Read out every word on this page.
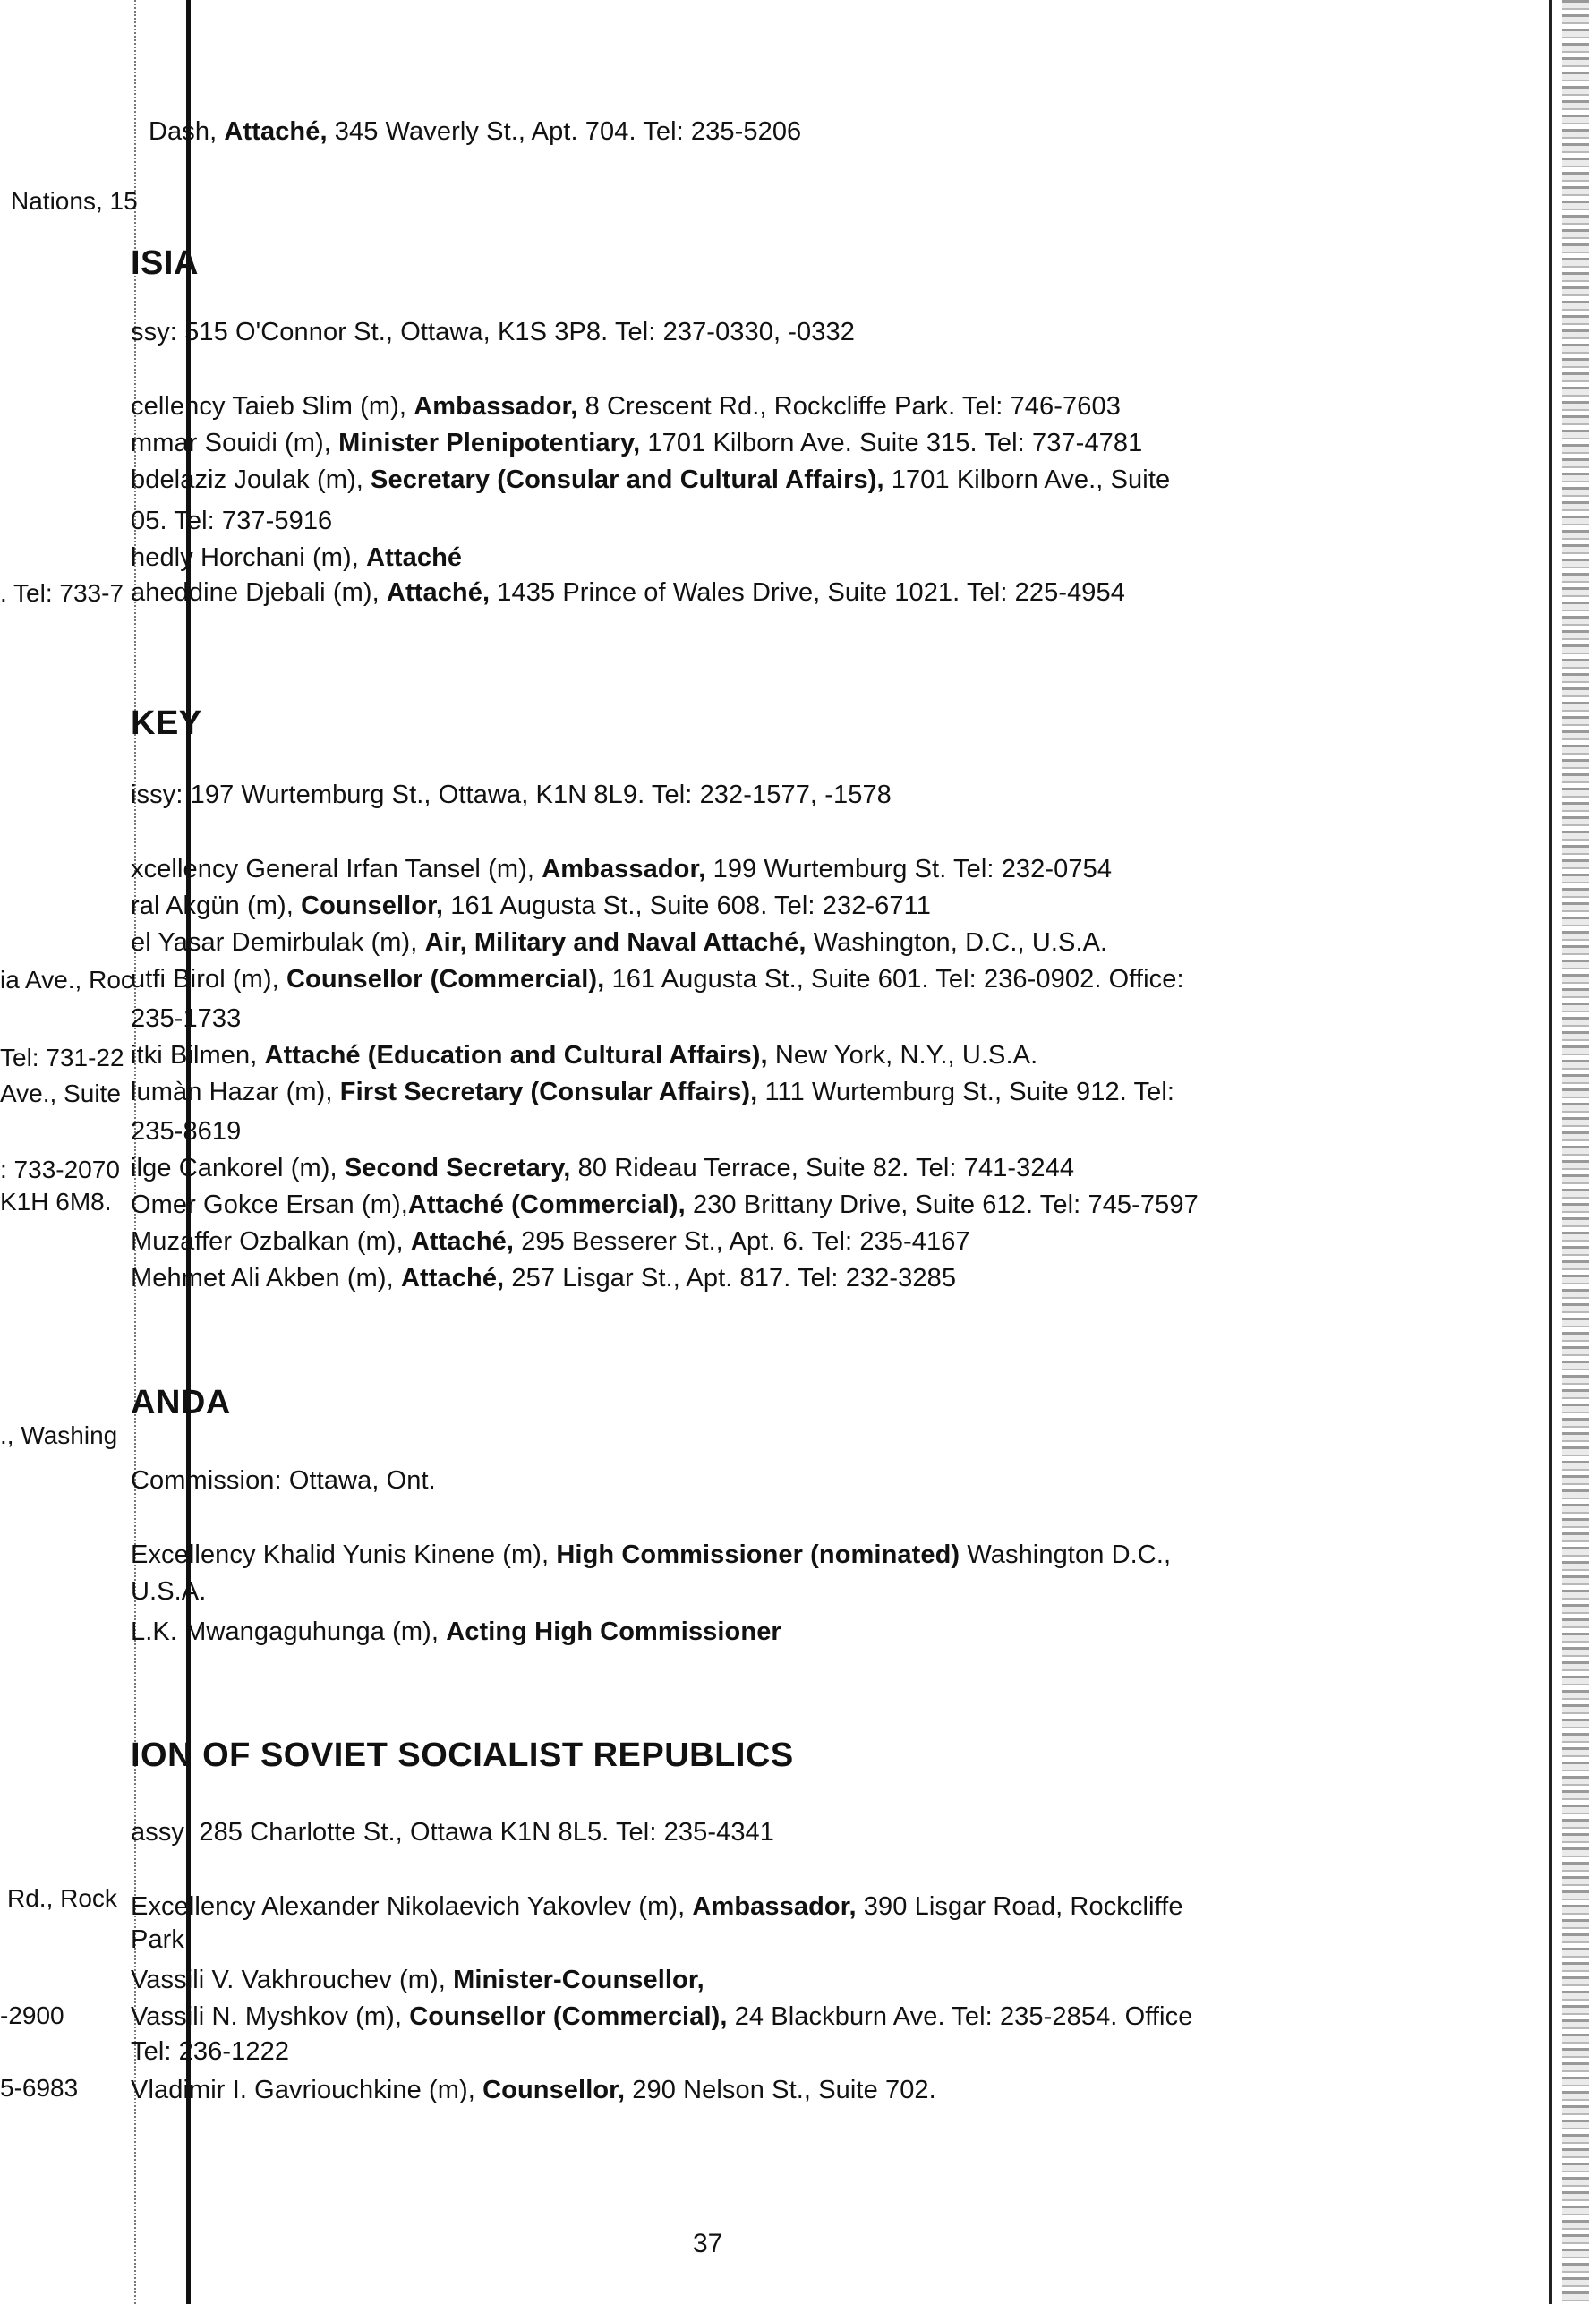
Nations, 15
. Tel: 733-7
ia Ave., Roc
Tel: 731-22
Ave., Suite
: 733-2070
K1H 6M8.
., Washing
Rd., Rock
-2900
5-6983
Dash, Attaché, 345 Waverly St., Apt. 704. Tel: 235-5206
ISIA
ssy: 515 O'Connor St., Ottawa, K1S 3P8. Tel: 237-0330, -0332
cellency Taieb Slim (m), Ambassador, 8 Crescent Rd., Rockcliffe Park. Tel: 746-7603
mmar Souidi (m), Minister Plenipotentiary, 1701 Kilborn Ave. Suite 315. Tel: 737-4781
bdelaziz Joulak (m), Secretary (Consular and Cultural Affairs), 1701 Kilborn Ave., Suite
05. Tel: 737-5916
hedly Horchani (m), Attaché
aheddine Djebali (m), Attaché, 1435 Prince of Wales Drive, Suite 1021. Tel: 225-4954
KEY
issy: 197 Wurtemburg St., Ottawa, K1N 8L9. Tel: 232-1577, -1578
xcellency General Irfan Tansel (m), Ambassador, 199 Wurtemburg St. Tel: 232-0754
ral Akgün (m), Counsellor, 161 Augusta St., Suite 608. Tel: 232-6711
el Yasar Demirbulak (m), Air, Military and Naval Attaché, Washington, D.C., U.S.A.
utfi Birol (m), Counsellor (Commercial), 161 Augusta St., Suite 601. Tel: 236-0902. Office:
235-1733
itki Bilmen, Attaché (Education and Cultural Affairs), New York, N.Y., U.S.A.
lumàn Hazar (m), First Secretary (Consular Affairs), 111 Wurtemburg St., Suite 912. Tel:
235-8619
ilge Cankorel (m), Second Secretary, 80 Rideau Terrace, Suite 82. Tel: 741-3244
Omer Gokce Ersan (m),Attaché (Commercial), 230 Brittany Drive, Suite 612. Tel: 745-7597
Muzaffer Ozbalkan (m), Attaché, 295 Besserer St., Apt. 6. Tel: 235-4167
Mehmet Ali Akben (m), Attaché, 257 Lisgar St., Apt. 817. Tel: 232-3285
ANDA
Commission: Ottawa, Ont.
Excellency Khalid Yunis Kinene (m), High Commissioner (nominated) Washington D.C.,
U.S.A.
L.K. Mwangaguhunga (m), Acting High Commissioner
ION OF SOVIET SOCIALIST REPUBLICS
assy: 285 Charlotte St., Ottawa K1N 8L5. Tel: 235-4341
Excellency Alexander Nikolaevich Yakovlev (m), Ambassador, 390 Lisgar Road, Rockcliffe
Park.
Vassili V. Vakhrouchev (m), Minister-Counsellor,
Vassili N. Myshkov (m), Counsellor (Commercial), 24 Blackburn Ave. Tel: 235-2854. Office
Tel: 236-1222
Vladimir I. Gavriouchkine (m), Counsellor, 290 Nelson St., Suite 702.
37
